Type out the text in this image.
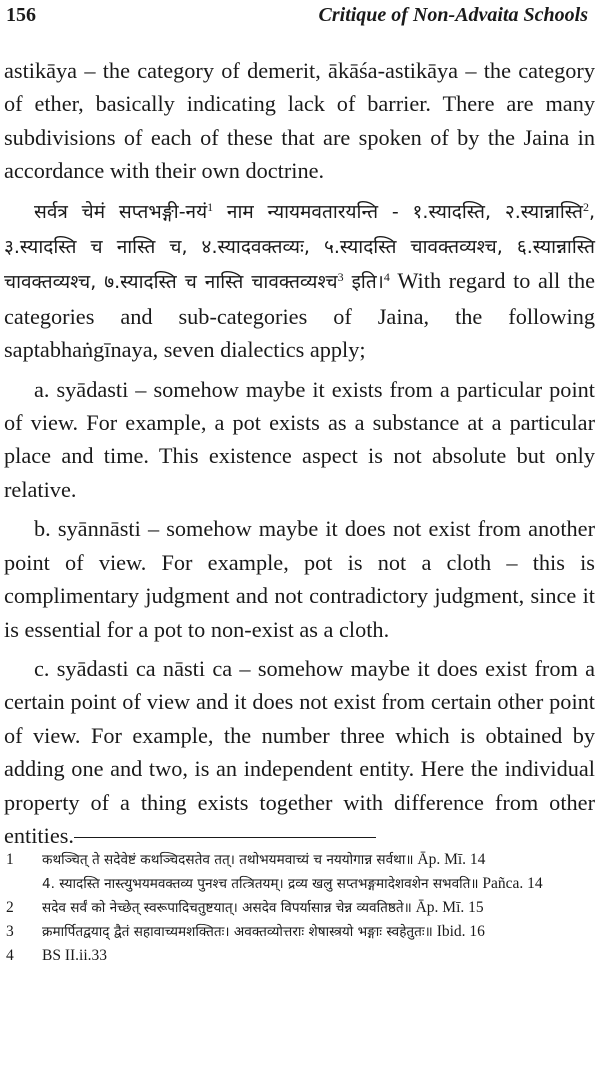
156	Critique of Non-Advaita Schools

astikāya – the category of demerit, ākāśa-astikāya – the category of ether, basically indicating lack of barrier. There are many subdivisions of each of these that are spoken of by the Jaina in accordance with their own doctrine.

सर्वत्र चेमं सप्तभङ्गी-नयं$^1$ नाम न्यायमवतारयन्ति - १.स्यादस्ति, २.स्यान्नास्ति$^2$, ३.स्यादस्ति च नास्ति च, ४.स्यादवक्तव्यः, ५.स्यादस्ति चावक्तव्यश्च, ६.स्यान्नास्ति चावक्तव्यश्च, ७.स्यादस्ति च नास्ति चावक्तव्यश्च$^3$ इति।$^4$ With regard to all the categories and sub-categories of Jaina, the following saptabhaṅgīnaya, seven dialectics apply;

a. syādasti – somehow maybe it exists from a particular point of view. For example, a pot exists as a substance at a particular place and time. This existence aspect is not absolute but only relative.

b. syānnāsti – somehow maybe it does not exist from another point of view. For example, pot is not a cloth – this is complimentary judgment and not contradictory judgment, since it is essential for a pot to non-exist as a cloth.

c. syādasti ca nāsti ca – somehow maybe it does exist from a certain point of view and it does not exist from certain other point of view. For example, the number three which is obtained by adding one and two, is an independent entity. Here the individual property of a thing exists together with difference from other entities.

1	कथञ्चित् ते सदेवेष्टं कथञ्चिदसतेव तत्। तथोभयमवाच्यं च नययोगान्न सर्वथा॥ Āp. Mī. 14
4. स्यादस्ति नास्त्युभयमवक्तव्य पुनश्च तत्त्रितयम्। द्रव्य खलु सप्तभङ्गमादेशवशेन सभवति॥ Pañca. 14
2	सदेव सर्वं को नेच्छेत् स्वरूपादिचतुष्टयात्। असदेव विपर्यासान्न चेन्न व्यवतिष्ठते॥ Āp. Mī. 15
3	क्रमार्पितद्वयाद् द्वैतं सहावाच्यमशक्तितः। अवक्तव्योत्तराः शेषास्त्रयो भङ्गाः स्वहेतुतः॥ Ibid. 16
4	BS II.ii.33
